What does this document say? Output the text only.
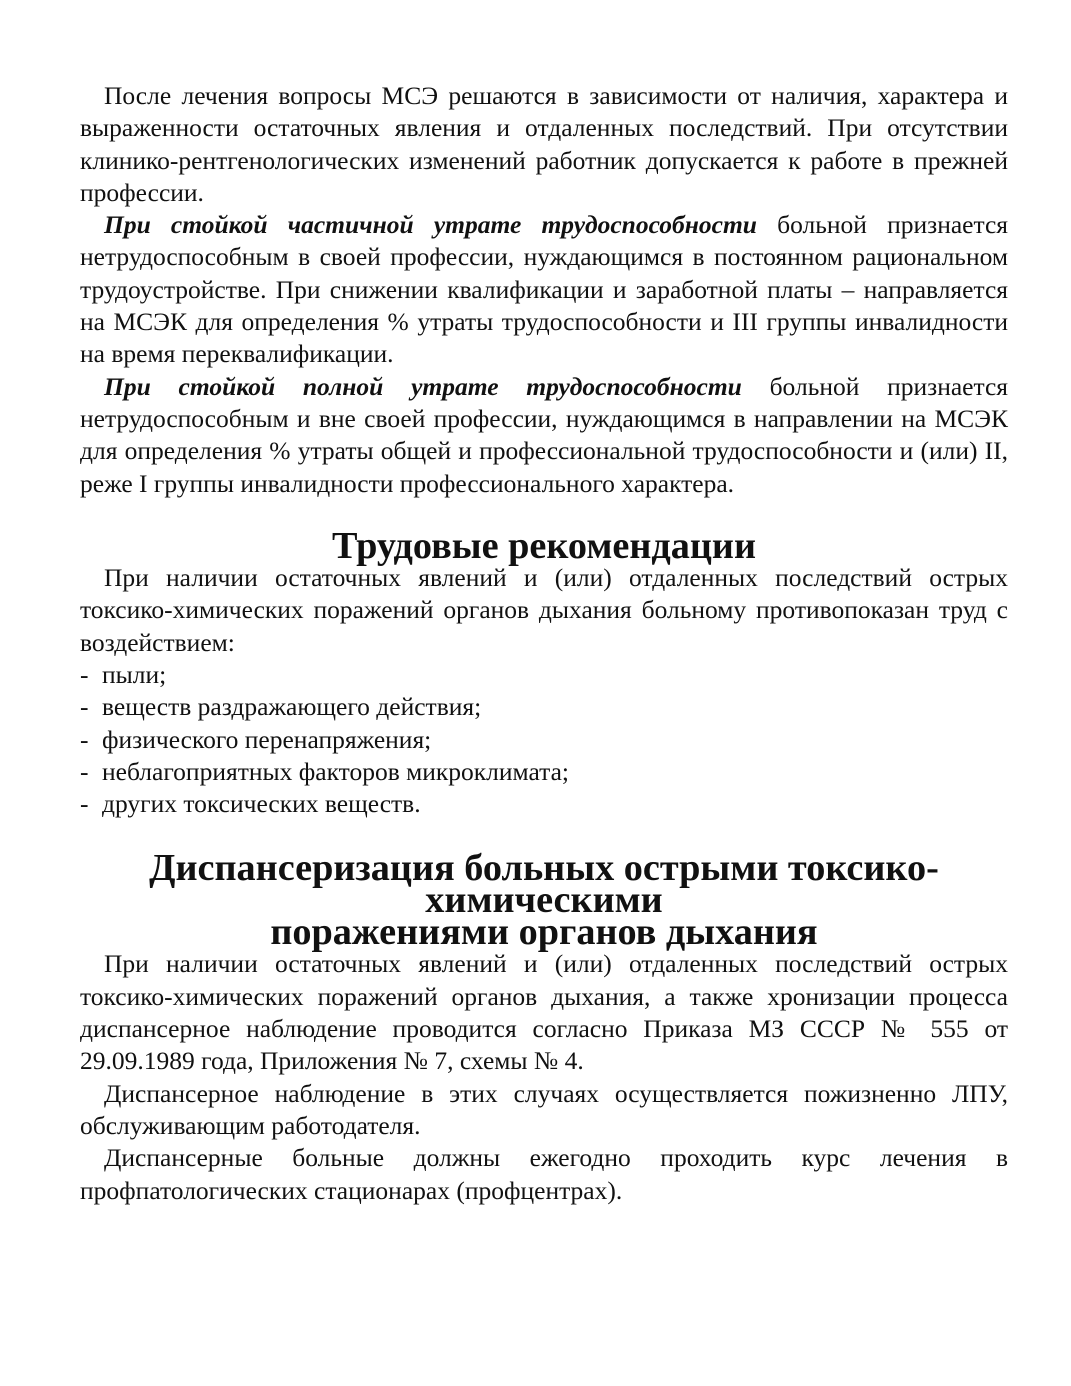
После лечения вопросы МСЭ решаются в зависимости от наличия, характера и выраженности остаточных явления и отдаленных последствий. При отсутствии клинико-рентгенологических изменений работник допускается к работе в прежней профессии.

При стойкой частичной утрате трудоспособности больной признается нетрудоспособным в своей профессии, нуждающимся в постоянном рациональном трудоустройстве. При снижении квалификации и заработной платы – направляется на МСЭК для определения % утраты трудоспособности и III группы инвалидности на время переквалификации.

При стойкой полной утрате трудоспособности больной признается нетрудоспособным и вне своей профессии, нуждающимся в направлении на МСЭК для определения % утраты общей и профессиональной трудоспособности и (или) II, реже I группы инвалидности профессионального характера.

Трудовые рекомендации

При наличии остаточных явлений и (или) отдаленных последствий острых токсико-химических поражений органов дыхания больному противопоказан труд с воздействием:

- пыли;
- веществ раздражающего действия;
- физического перенапряжения;
- неблагоприятных факторов микроклимата;
- других токсических веществ.
Диспансеризация больных острыми токсико-химическими
поражениями органов дыхания

При наличии остаточных явлений и (или) отдаленных последствий острых токсико-химических поражений органов дыхания, а также хронизации процесса диспансерное наблюдение проводится согласно Приказа МЗ СССР № 555 от 29.09.1989 года, Приложения № 7, схемы № 4.

Диспансерное наблюдение в этих случаях осуществляется пожизненно ЛПУ, обслуживающим работодателя.

Диспансерные больные должны ежегодно проходить курс лечения в профпатологических стационарах (профцентрах).
